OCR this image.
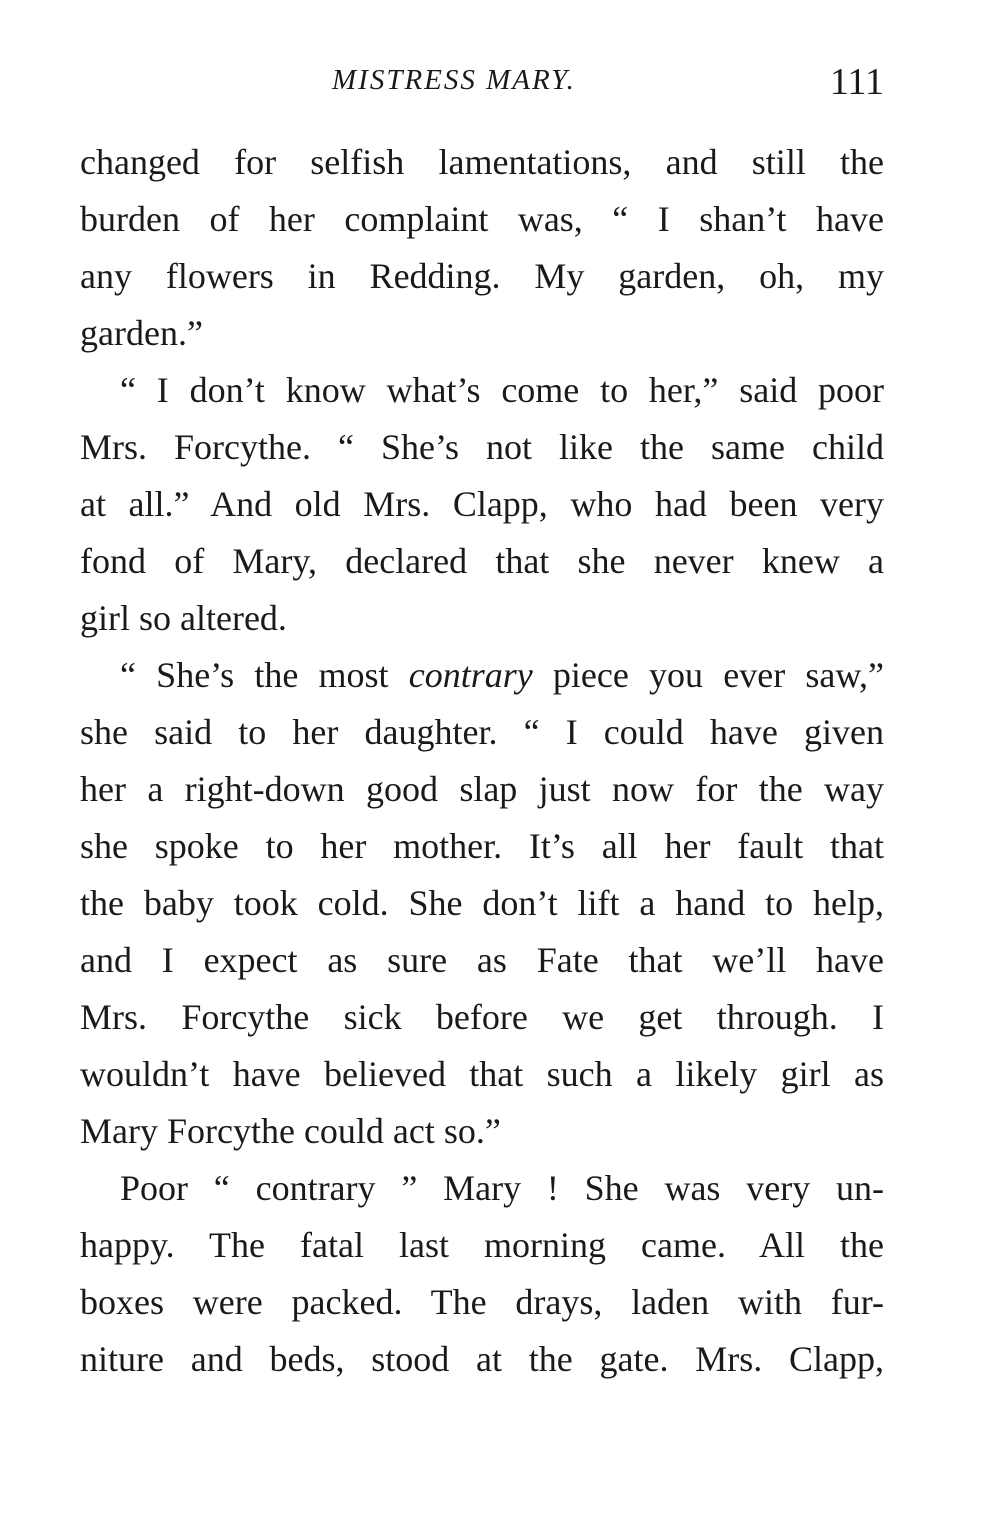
MISTRESS MARY.	111
changed for selfish lamentations, and still the
burden of her complaint was, “ I shan’t have
any flowers in Redding. My garden, oh, my
garden.”
“ I don’t know what’s come to her,” said poor
Mrs. Forcythe. “ She’s not like the same child
at all.” And old Mrs. Clapp, who had been very
fond of Mary, declared that she never knew a
girl so altered.
“ She’s the most contrary piece you ever saw,”
she said to her daughter. “ I could have given
her a right-down good slap just now for the way
she spoke to her mother. It’s all her fault that
the baby took cold. She don’t lift a hand to help,
and I expect as sure as Fate that we’ll have
Mrs. Forcythe sick before we get through. I
wouldn’t have believed that such a likely girl as
Mary Forcythe could act so.”
Poor “ contrary ” Mary ! She was very un-
happy. The fatal last morning came. All the
boxes were packed. The drays, laden with fur-
niture and beds, stood at the gate. Mrs. Clapp,
